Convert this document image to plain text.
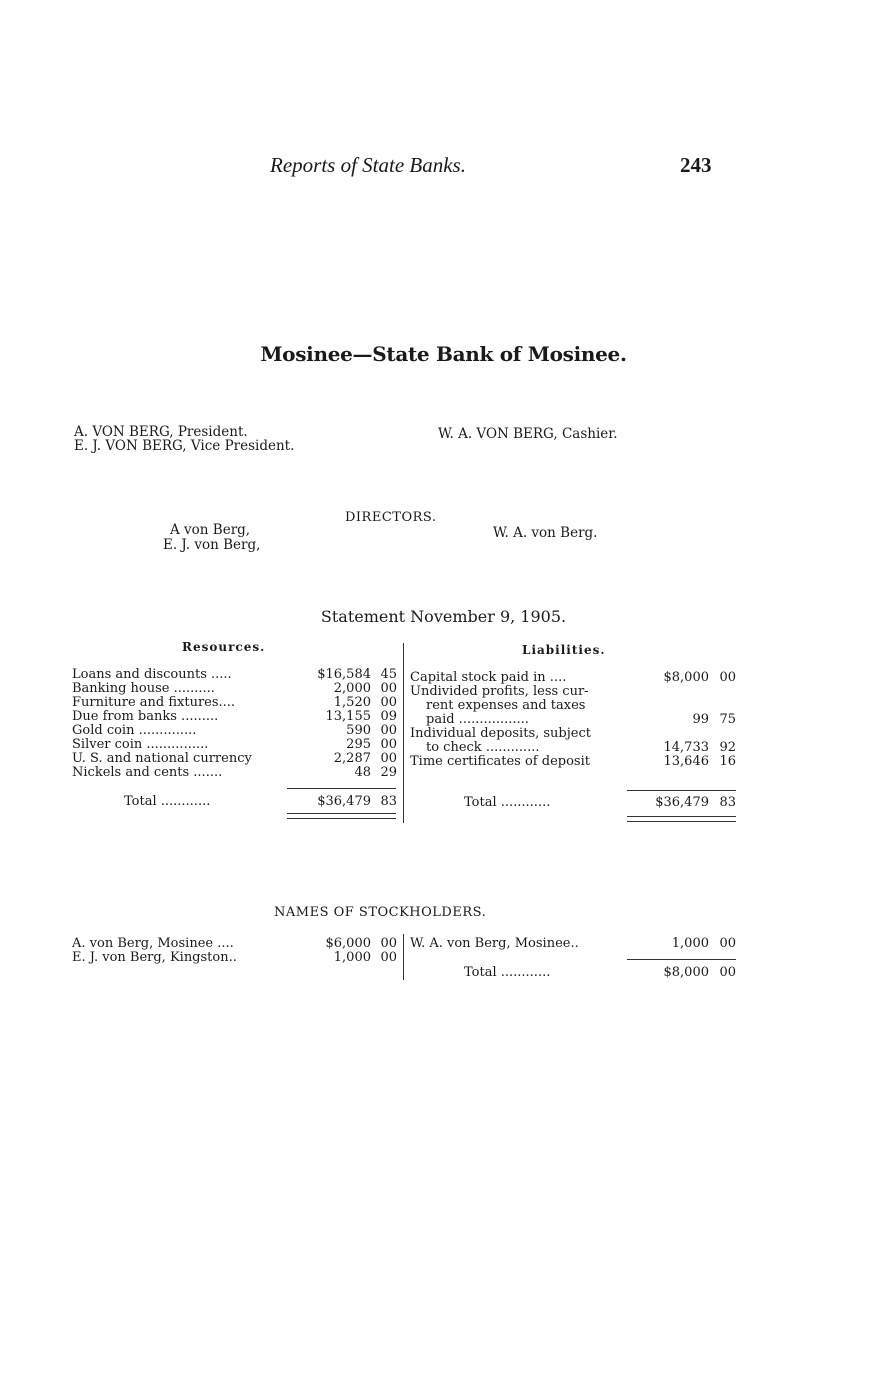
Reports of State Banks.	243
Mosinee—State Bank of Mosinee.
A. VON BERG, President.
E. J. VON BERG, Vice President.
W. A. VON BERG, Cashier.
DIRECTORS.
A von Berg,
E. J. von Berg,
W. A. von Berg.
Statement November 9, 1905.
Resources.	Liabilities.
Loans and discounts .....	$16,584 45
Banking house ..........	2,000 00
Furniture and fixtures....	1,520 00
Due from banks .........	13,155 09
Gold coin ..............	590 00
Silver coin ...............	295 00
U. S. and national currency	2,287 00
Nickels and cents .......	48 29
Total ............	$36,479 83
Capital stock paid in ....	$8,000 00
Undivided profits, less cur-
rent expenses and taxes
paid .................	99 75
Individual deposits, subject
to check .............	14,733 92
Time certificates of deposit	13,646 16
Total ............	$36,479 83
NAMES OF STOCKHOLDERS.
A. von Berg, Mosinee ....	$6,000 00
E. J. von Berg, Kingston..	1,000 00
W. A. von Berg, Mosinee..	1,000 00
Total ............	$8,000 00
